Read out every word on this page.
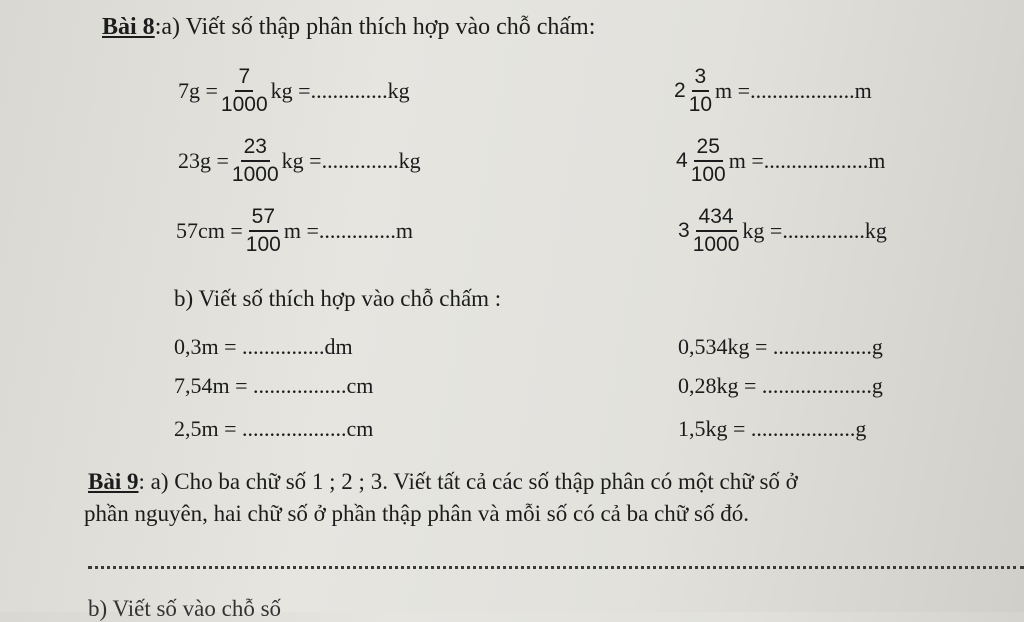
Bài 8:a) Viết số thập phân thích hợp vào chỗ chấm:
$7g = \frac{7}{1000}$ kg = .............. kg
$23g = \frac{23}{1000}$ kg = .............. kg
$57cm = \frac{57}{100}$ m = .............. m
$2 \frac{3}{10}$ m = ................... m
$4 \frac{25}{100}$ m = ................... m
$3 \frac{434}{1000}$ kg = ............... kg
b) Viết số thích hợp vào chỗ chấm :
0,3m = ...............dm
7,54m = .................cm
2,5m = ...................cm
0,534kg = ..................g
0,28kg = ....................g
1,5kg = ...................g
Bài 9: a) Cho ba chữ số 1 ; 2 ; 3. Viết tất cả các số thập phân có một chữ số ở
phần nguyên, hai chữ số ở phần thập phân và mỗi số có cả ba chữ số đó.
b) Viết số vào chỗ số
